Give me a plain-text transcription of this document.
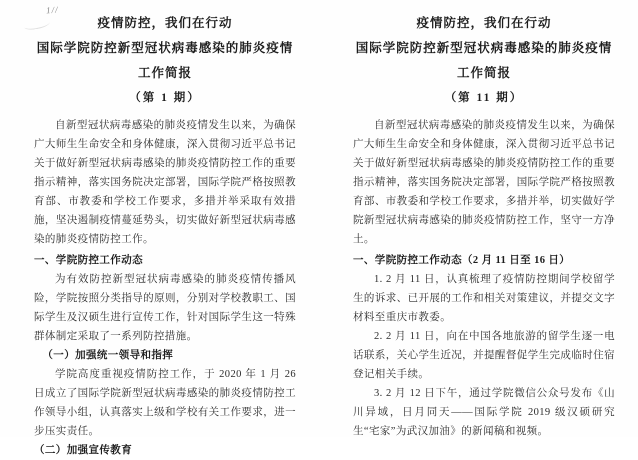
1//
疫情防控，我们在行动
国际学院防控新型冠状病毒感染的肺炎疫情
工作简报
（第 1 期）
自新型冠状病毒感染的肺炎疫情发生以来，为确保广大师生生命安全和身体健康，深入贯彻习近平总书记关于做好新型冠状病毒感染的肺炎疫情防控工作的重要指示精神，落实国务院决定部署，国际学院严格按照教育部、市教委和学校工作要求，多措并举采取有效措施，坚决遏制疫情蔓延势头，切实做好新型冠状病毒感染的肺炎疫情防控工作。
一、学院防控工作动态
为有效防控新型冠状病毒感染的肺炎疫情传播风险，学院按照分类指导的原则，分别对学校教职工、国际学生及汉硕生进行宣传工作，针对国际学生这一特殊群体制定采取了一系列防控措施。
（一）加强统一领导和指挥
学院高度重视疫情防控工作，于 2020 年 1 月 26 日成立了国际学院新型冠状病毒感染的肺炎疫情防控工作领导小组，认真落实上级和学校有关工作要求，进一步压实责任。
（二）加强宣传教育
疫情防控，我们在行动
国际学院防控新型冠状病毒感染的肺炎疫情
工作简报
（第 11 期）
自新型冠状病毒感染的肺炎疫情发生以来，为确保广大师生生命安全和身体健康，深入贯彻习近平总书记关于做好新型冠状病毒感染的肺炎疫情防控工作的重要指示精神，落实国务院决定部署，国际学院严格按照教育部、市教委和学校工作要求，多措并举，切实做好学院新型冠状病毒感染的肺炎疫情防控工作，坚守一方净土。
一、学院防控工作动态（2 月 11 日至 16 日）
1. 2 月 11 日，认真梳理了疫情防控期间学校留学生的诉求、已开展的工作和相关对策建议，并提交文字材料至重庆市教委。
2. 2 月 11 日，向在中国各地旅游的留学生逐一电话联系，关心学生近况，并提醒督促学生完成临时住宿登记相关手续。
3. 2 月 12 日下午，通过学院微信公众号发布《山川异域，日月同天——国际学院 2019 级汉硕研究生“宅家”为武汉加油》的新闻稿和视频。
